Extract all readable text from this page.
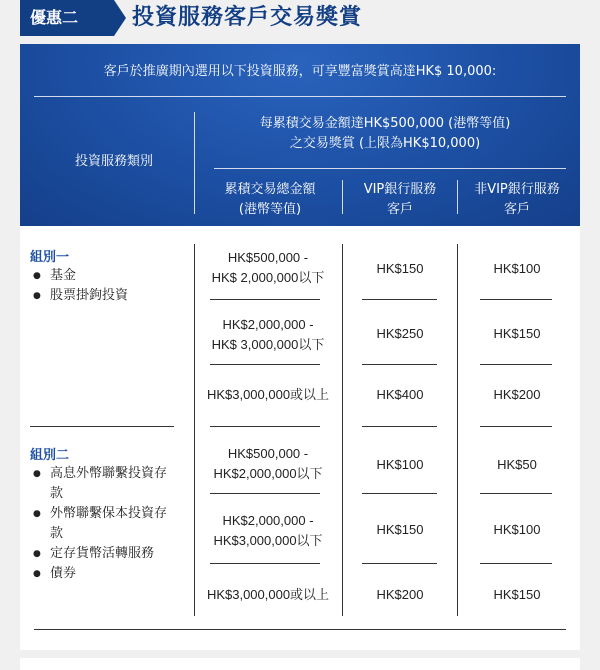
優惠二	投資服務客戶交易獎賞
客戶於推廣期內選用以下投資服務，可享豐富獎賞高達HK$ 10,000:
投資服務類別
每累積交易金額達HK$500,000 (港幣等值)
之交易獎賞 (上限為HK$10,000)
累積交易總金額
(港幣等值)
VIP銀行服務
客戶
非VIP銀行服務
客戶
組別一
● 基金
● 股票掛鉤投資
HK$500,000 -
HK$ 2,000,000以下
HK$150	HK$100
HK$2,000,000 -
HK$ 3,000,000以下
HK$250	HK$150
HK$3,000,000或以上	HK$400	HK$200
組別二
● 高息外幣聯繫投資存款
● 外幣聯繫保本投資存款
● 定存貨幣活轉服務
● 債券
HK$500,000 -
HK$2,000,000以下
HK$100	HK$50
HK$2,000,000 -
HK$3,000,000以下
HK$150	HK$100
HK$3,000,000或以上	HK$200	HK$150
